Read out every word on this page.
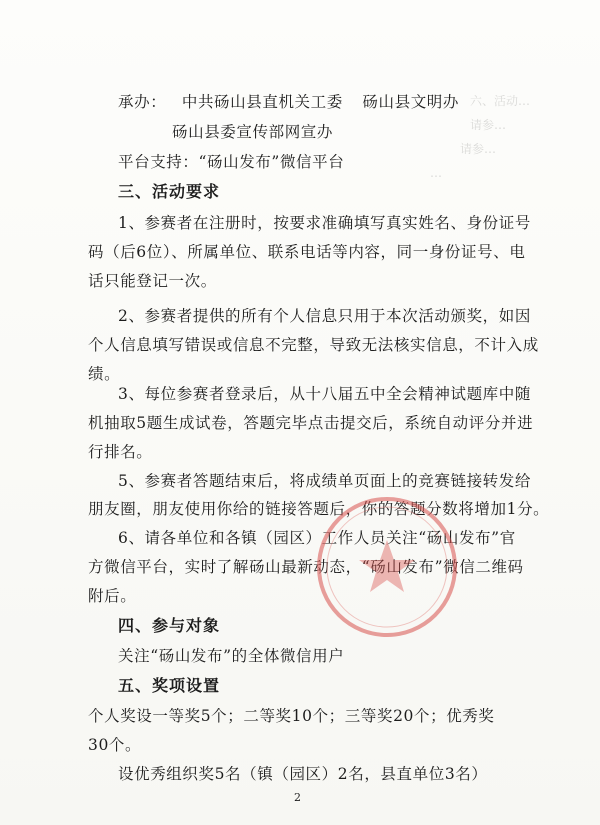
六、活动…
请参…
请参…
…
承办： 中共砀山县直机关工委 砀山县文明办
砀山县委宣传部网宣办
平台支持：“砀山发布”微信平台
三、活动要求
1、参赛者在注册时，按要求准确填写真实姓名、身份证号
码（后6位）、所属单位、联系电话等内容，同一身份证号、电
话只能登记一次。
2、参赛者提供的所有个人信息只用于本次活动颁奖，如因
个人信息填写错误或信息不完整，导致无法核实信息，不计入成
绩。
3、每位参赛者登录后，从十八届五中全会精神试题库中随
机抽取5题生成试卷，答题完毕点击提交后，系统自动评分并进
行排名。
5、参赛者答题结束后，将成绩单页面上的竞赛链接转发给
朋友圈，朋友使用你给的链接答题后，你的答题分数将增加1分。
6、请各单位和各镇（园区）工作人员关注“砀山发布”官
方微信平台，实时了解砀山最新动态，“砀山发布”微信二维码
附后。
四、参与对象
关注“砀山发布”的全体微信用户
五、奖项设置
个人奖设一等奖5个；二等奖10个；三等奖20个；优秀奖
30个。
设优秀组织奖5名（镇（园区）2名，县直单位3名）
2
